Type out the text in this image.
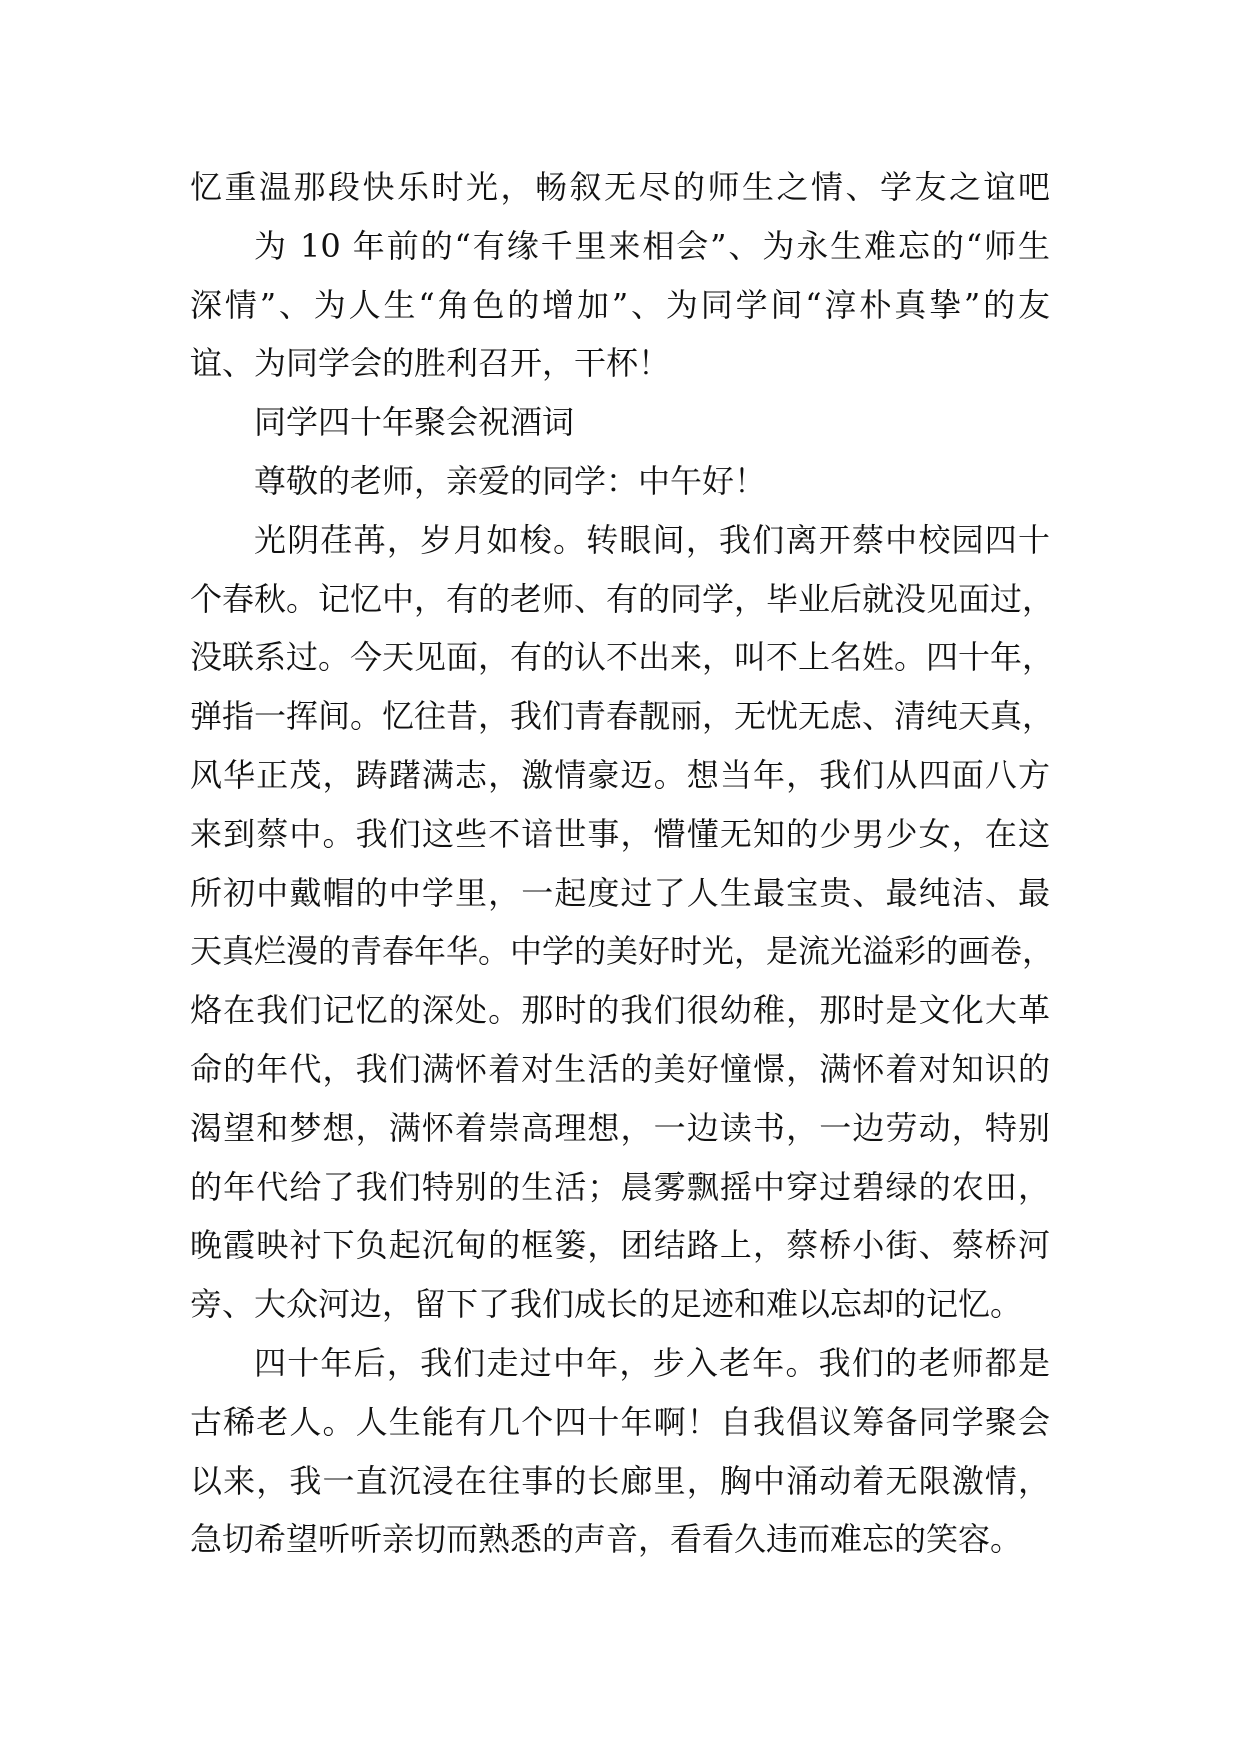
忆重温那段快乐时光，畅叙无尽的师生之情、学友之谊吧
为 10 年前的“有缘千里来相会”、为永生难忘的“师生
深情”、为人生“角色的增加”、为同学间“淳朴真挚”的友
谊、为同学会的胜利召开，干杯！
同学四十年聚会祝酒词
尊敬的老师，亲爱的同学：中午好！
光阴荏苒，岁月如梭。转眼间，我们离开蔡中校园四十
个春秋。记忆中，有的老师、有的同学，毕业后就没见面过，
没联系过。今天见面，有的认不出来，叫不上名姓。四十年，
弹指一挥间。忆往昔，我们青春靓丽，无忧无虑、清纯天真，
风华正茂，踌躇满志，激情豪迈。想当年，我们从四面八方
来到蔡中。我们这些不谙世事，懵懂无知的少男少女，在这
所初中戴帽的中学里，一起度过了人生最宝贵、最纯洁、最
天真烂漫的青春年华。中学的美好时光，是流光溢彩的画卷，
烙在我们记忆的深处。那时的我们很幼稚，那时是文化大革
命的年代，我们满怀着对生活的美好憧憬，满怀着对知识的
渴望和梦想，满怀着崇高理想，一边读书，一边劳动，特别
的年代给了我们特别的生活；晨雾飘摇中穿过碧绿的农田，
晚霞映衬下负起沉甸的框篓，团结路上，蔡桥小街、蔡桥河
旁、大众河边，留下了我们成长的足迹和难以忘却的记忆。
四十年后，我们走过中年，步入老年。我们的老师都是
古稀老人。人生能有几个四十年啊！自我倡议筹备同学聚会
以来，我一直沉浸在往事的长廊里，胸中涌动着无限激情，
急切希望听听亲切而熟悉的声音，看看久违而难忘的笑容。
